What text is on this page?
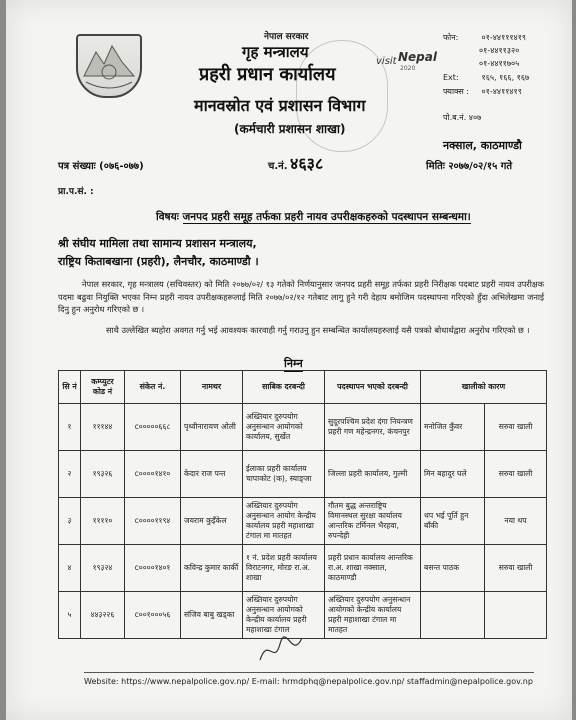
नेपाल सरकार
गृह मन्त्रालय
प्रहरी प्रधान कार्यालय
मानवस्रोत एवं प्रशासन विभाग
(कर्मचारी प्रशासन शाखा)
visit Nepal
2020
फोन:	०१-४४१११४१९
०१-४४११३२०
०१-४४११७०५
Ext:	१६५, १६६, १६७
फ्याक्स : ०१-४४११४१९
पो.ब.नं. ४०७
नक्साल, काठमाण्डौ
पत्र संख्याः (०७६-०७७)	च.नं. ४६३८	मितिः २०७७/०२/१५ गते
प्रा.प.सं. :
विषयः जनपद प्रहरी समूह तर्फका प्रहरी नायव उपरीक्षकहरुको पदस्थापन सम्बन्धमा।
श्री संघीय मामिला तथा सामान्य प्रशासन मन्त्रालय,
राष्ट्रिय किताबखाना (प्रहरी), लैनचौर, काठमाण्डौ ।
नेपाल सरकार, गृह मन्त्रालय (सचिवस्तर) को मिति २०७७/०२/ १३ गतेको निर्णयानुसार जनपद प्रहरी समूह तर्फका प्रहरी निरीक्षक पदबाट प्रहरी नायव उपरीक्षक पदमा बढुवा नियुक्ति भएका निम्न प्रहरी नायव उपरीक्षकहरूलाई मिति २०७७/०२/१२ गतेबाट लागु हुने गरी देहाय बमोजिम पदस्थापना गरिएको हुँदा अभिलेखमा जनाई दिनु हुन अनुरोध गरिएको छ ।
साथै उल्लेखित ब्यहोरा अवगत गर्नु भई आवश्यक कारवाही गर्नु गराउनु हुन सम्बन्धित कार्यालयहरुलाई यसै पत्रको बोधार्थद्वारा अनुरोध गरिएको छ ।
निम्न
सि नं	कम्प्युटर कोड नं	संकेत नं.	नामथर	साबिक दरबन्दी	पदस्थापन भएको दरबन्दी	खालीको कारण	
१	१११४४	c०००००६६८	पृथ्वीनारायण ओली	अख्तियार दुरुपयोग अनुसन्धान आयोगको कार्यालय, सुर्खेत	सुदूरपश्चिम प्रदेश दंगा नियन्त्रण प्रहरी गण महेन्द्रनगर, कंचनपुर	मनोजित कुँवर	सरुवा खाली
२	१९३२६	c००००१४१०	केदार राज पन्त	ईलाका प्रहरी कार्यालय चापाकोट (क), स्याङ्जा	जिल्ला प्रहरी कार्यालय, गुल्मी	मिन बहादुर घले	सरुवा खाली
३	११११०	c००००११९४	जयराम कुइँकेल	अख्तियार दुरुपयोग अनुसन्धान आयोग केन्द्रीय कार्यालय प्रहरी महाशाखा टंगाल मा मातहत	गौतम बुद्ध अन्तराष्ट्रिय विमानस्थल सुरक्षा कार्यालय आन्तरिक टर्मिनल भैरहवा, रुपन्देही	थप भई पूर्ति हुन बाँकी	नया थप
४	१९३२४	c००००१४०१	कविन्द्र कुमार कार्की	१ नं. प्रदेश प्रहरी कार्यालय विराटनगर, मोरङ रा.अ. शाखा	प्रहरी प्रधान कार्यालय आन्तरिक रा.अ. शाखा नक्साल, काठमाण्डौ	बसन्त पाठक	सरुवा खाली
५	४४३२२६	c००१०००५६	संजिव बाबु खड्का	अख्तियार दुरुपयोग अनुसन्धान आयोगको केन्द्रीय कार्यालय प्रहरी महाशाखा टंगाल	अख्तियार दुरुपयोग अनुसन्धान आयोगको केन्द्रीय कार्यालय प्रहरी महाशाखा टंगाल मा मातहत		
Website: https://www.nepalpolice.gov.np/ E-mail: hrmdphq@nepalpolice.gov.np/ staffadmin@nepalpolice.gov.np
